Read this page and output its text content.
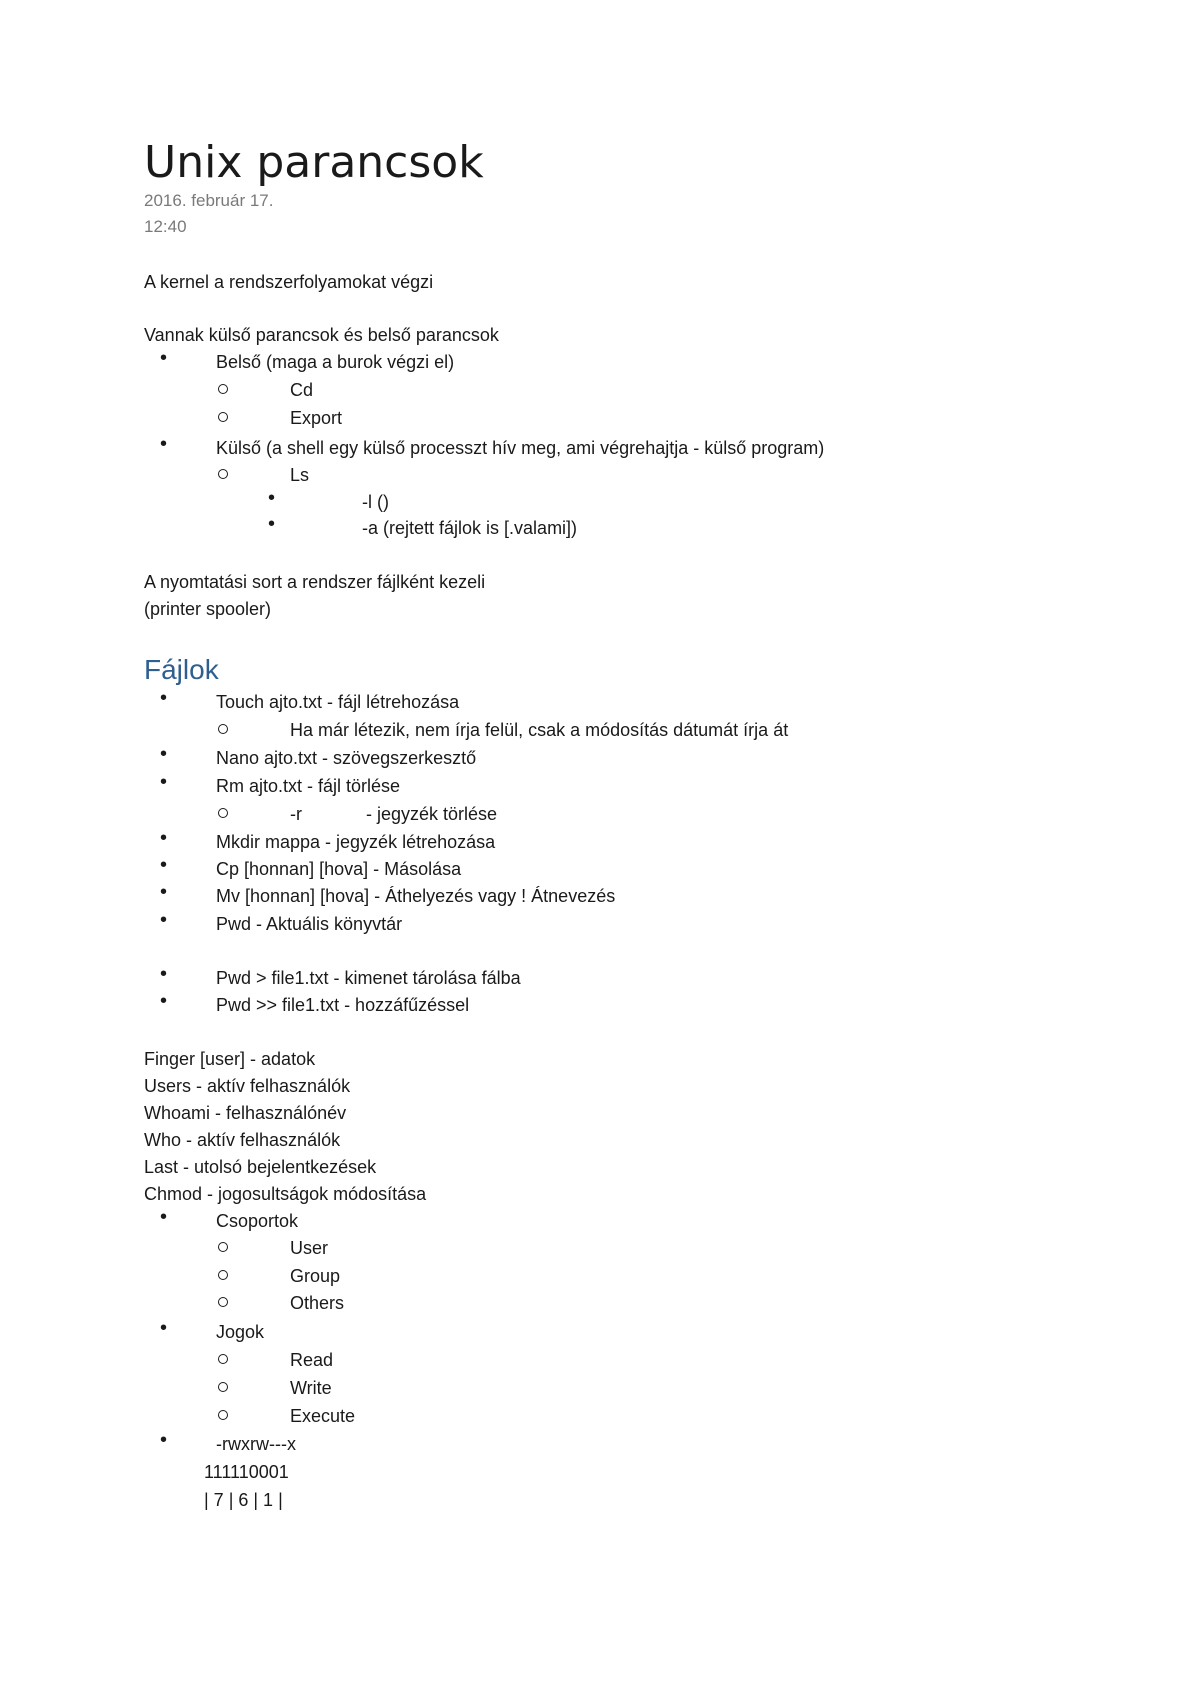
Unix parancsok
2016. február 17.
12:40
A kernel a rendszerfolyamokat végzi
Vannak külső parancsok és belső parancsok
•	Belső (maga a burok végzi el)
Cd
Export
•	Külső (a shell egy külső processzt hív meg, ami végrehajtja - külső program)
Ls
•	-l ()
•	-a (rejtett fájlok is [.valami])
A nyomtatási sort a rendszer fájlként kezeli
(printer spooler)
Fájlok
•	Touch ajto.txt - fájl létrehozása
Ha már létezik, nem írja felül, csak a módosítás dátumát írja át
•	Nano ajto.txt - szövegszerkesztő
•	Rm ajto.txt - fájl törlése
-r	- jegyzék törlése
•	Mkdir mappa - jegyzék létrehozása
•	Cp [honnan] [hova] - Másolása
•	Mv [honnan] [hova] - Áthelyezés vagy ! Átnevezés
•	Pwd - Aktuális könyvtár
•	Pwd > file1.txt - kimenet tárolása fálba
•	Pwd >> file1.txt - hozzáfűzéssel
Finger [user] - adatok
Users - aktív felhasználók
Whoami - felhasználónév
Who - aktív felhasználók
Last - utolsó bejelentkezések
Chmod - jogosultságok módosítása
•	Csoportok
User
Group
Others
•	Jogok
Read
Write
Execute
•	-rwxrw---x
111110001
| 7 | 6 | 1 |
